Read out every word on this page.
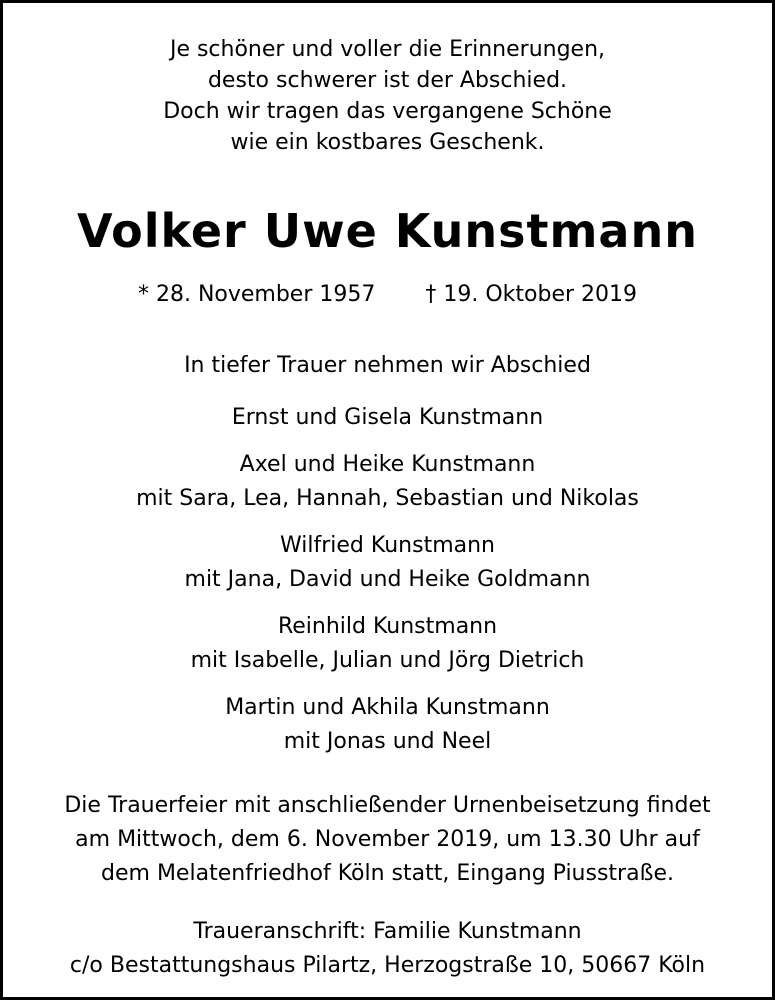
Je schöner und voller die Erinnerungen,
desto schwerer ist der Abschied.
Doch wir tragen das vergangene Schöne
wie ein kostbares Geschenk.
Volker Uwe Kunstmann
* 28. November 1957 † 19. Oktober 2019
In tiefer Trauer nehmen wir Abschied
Ernst und Gisela Kunstmann
Axel und Heike Kunstmann
mit Sara, Lea, Hannah, Sebastian und Nikolas
Wilfried Kunstmann
mit Jana, David und Heike Goldmann
Reinhild Kunstmann
mit Isabelle, Julian und Jörg Dietrich
Martin und Akhila Kunstmann
mit Jonas und Neel
Die Trauerfeier mit anschließender Urnenbeisetzung findet
am Mittwoch, dem 6. November 2019, um 13.30 Uhr auf
dem Melatenfriedhof Köln statt, Eingang Piusstraße.
Traueranschrift: Familie Kunstmann
c/o Bestattungshaus Pilartz, Herzogstraße 10, 50667 Köln
